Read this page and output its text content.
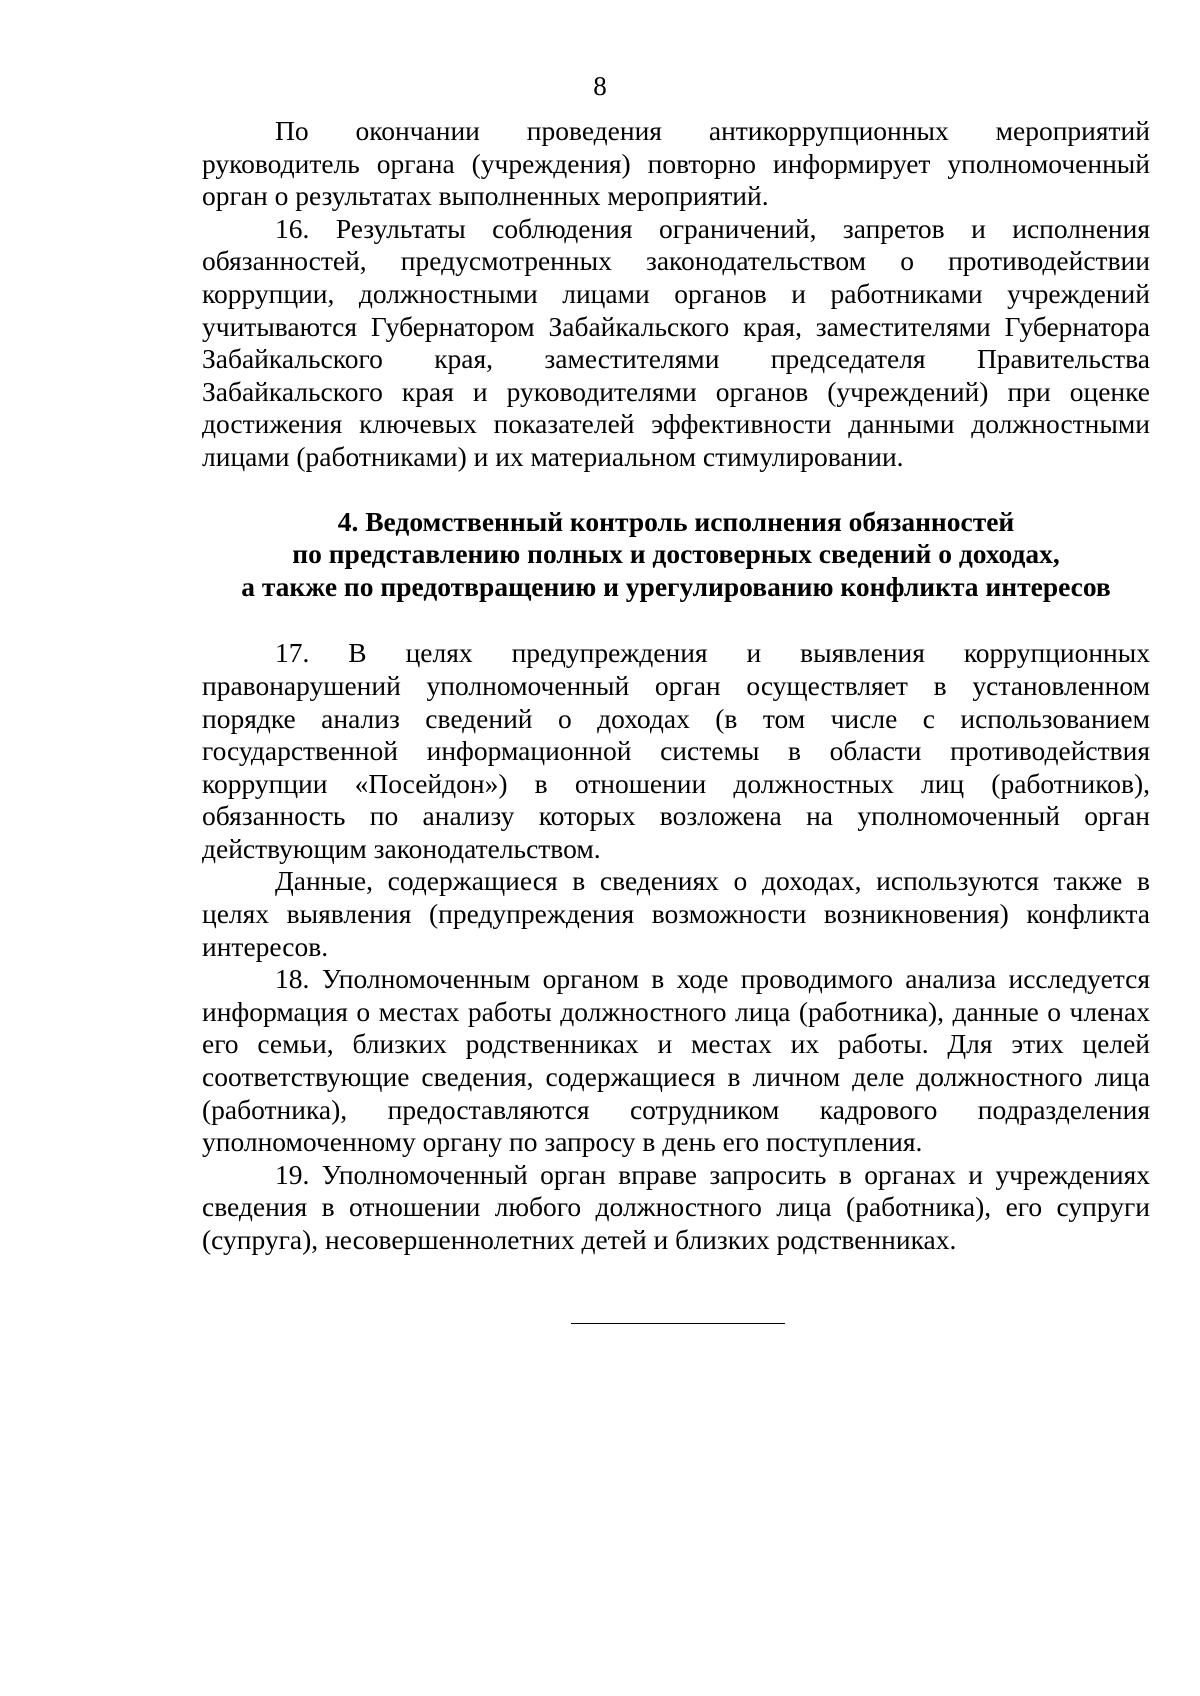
8

По окончании проведения антикоррупционных мероприятий руководитель органа (учреждения) повторно информирует уполномоченный орган о результатах выполненных мероприятий.

16. Результаты соблюдения ограничений, запретов и исполнения обязанностей, предусмотренных законодательством о противодействии коррупции, должностными лицами органов и работниками учреждений учитываются Губернатором Забайкальского края, заместителями Губернатора Забайкальского края, заместителями председателя Правительства Забайкальского края и руководителями органов (учреждений) при оценке достижения ключевых показателей эффективности данными должностными лицами (работниками) и их материальном стимулировании.

4. Ведомственный контроль исполнения обязанностей
по представлению полных и достоверных сведений о доходах,
а также по предотвращению и урегулированию конфликта интересов

17. В целях предупреждения и выявления коррупционных правонарушений уполномоченный орган осуществляет в установленном порядке анализ сведений о доходах (в том числе с использованием государственной информационной системы в области противодействия коррупции «Посейдон») в отношении должностных лиц (работников), обязанность по анализу которых возложена на уполномоченный орган действующим законодательством.

Данные, содержащиеся в сведениях о доходах, используются также в целях выявления (предупреждения возможности возникновения) конфликта интересов.

18. Уполномоченным органом в ходе проводимого анализа исследуется информация о местах работы должностного лица (работника), данные о членах его семьи, близких родственниках и местах их работы. Для этих целей соответствующие сведения, содержащиеся в личном деле должностного лица (работника), предоставляются сотрудником кадрового подразделения уполномоченному органу по запросу в день его поступления.

19. Уполномоченный орган вправе запросить в органах и учреждениях сведения в отношении любого должностного лица (работника), его супруги (супруга), несовершеннолетних детей и близких родственниках.
